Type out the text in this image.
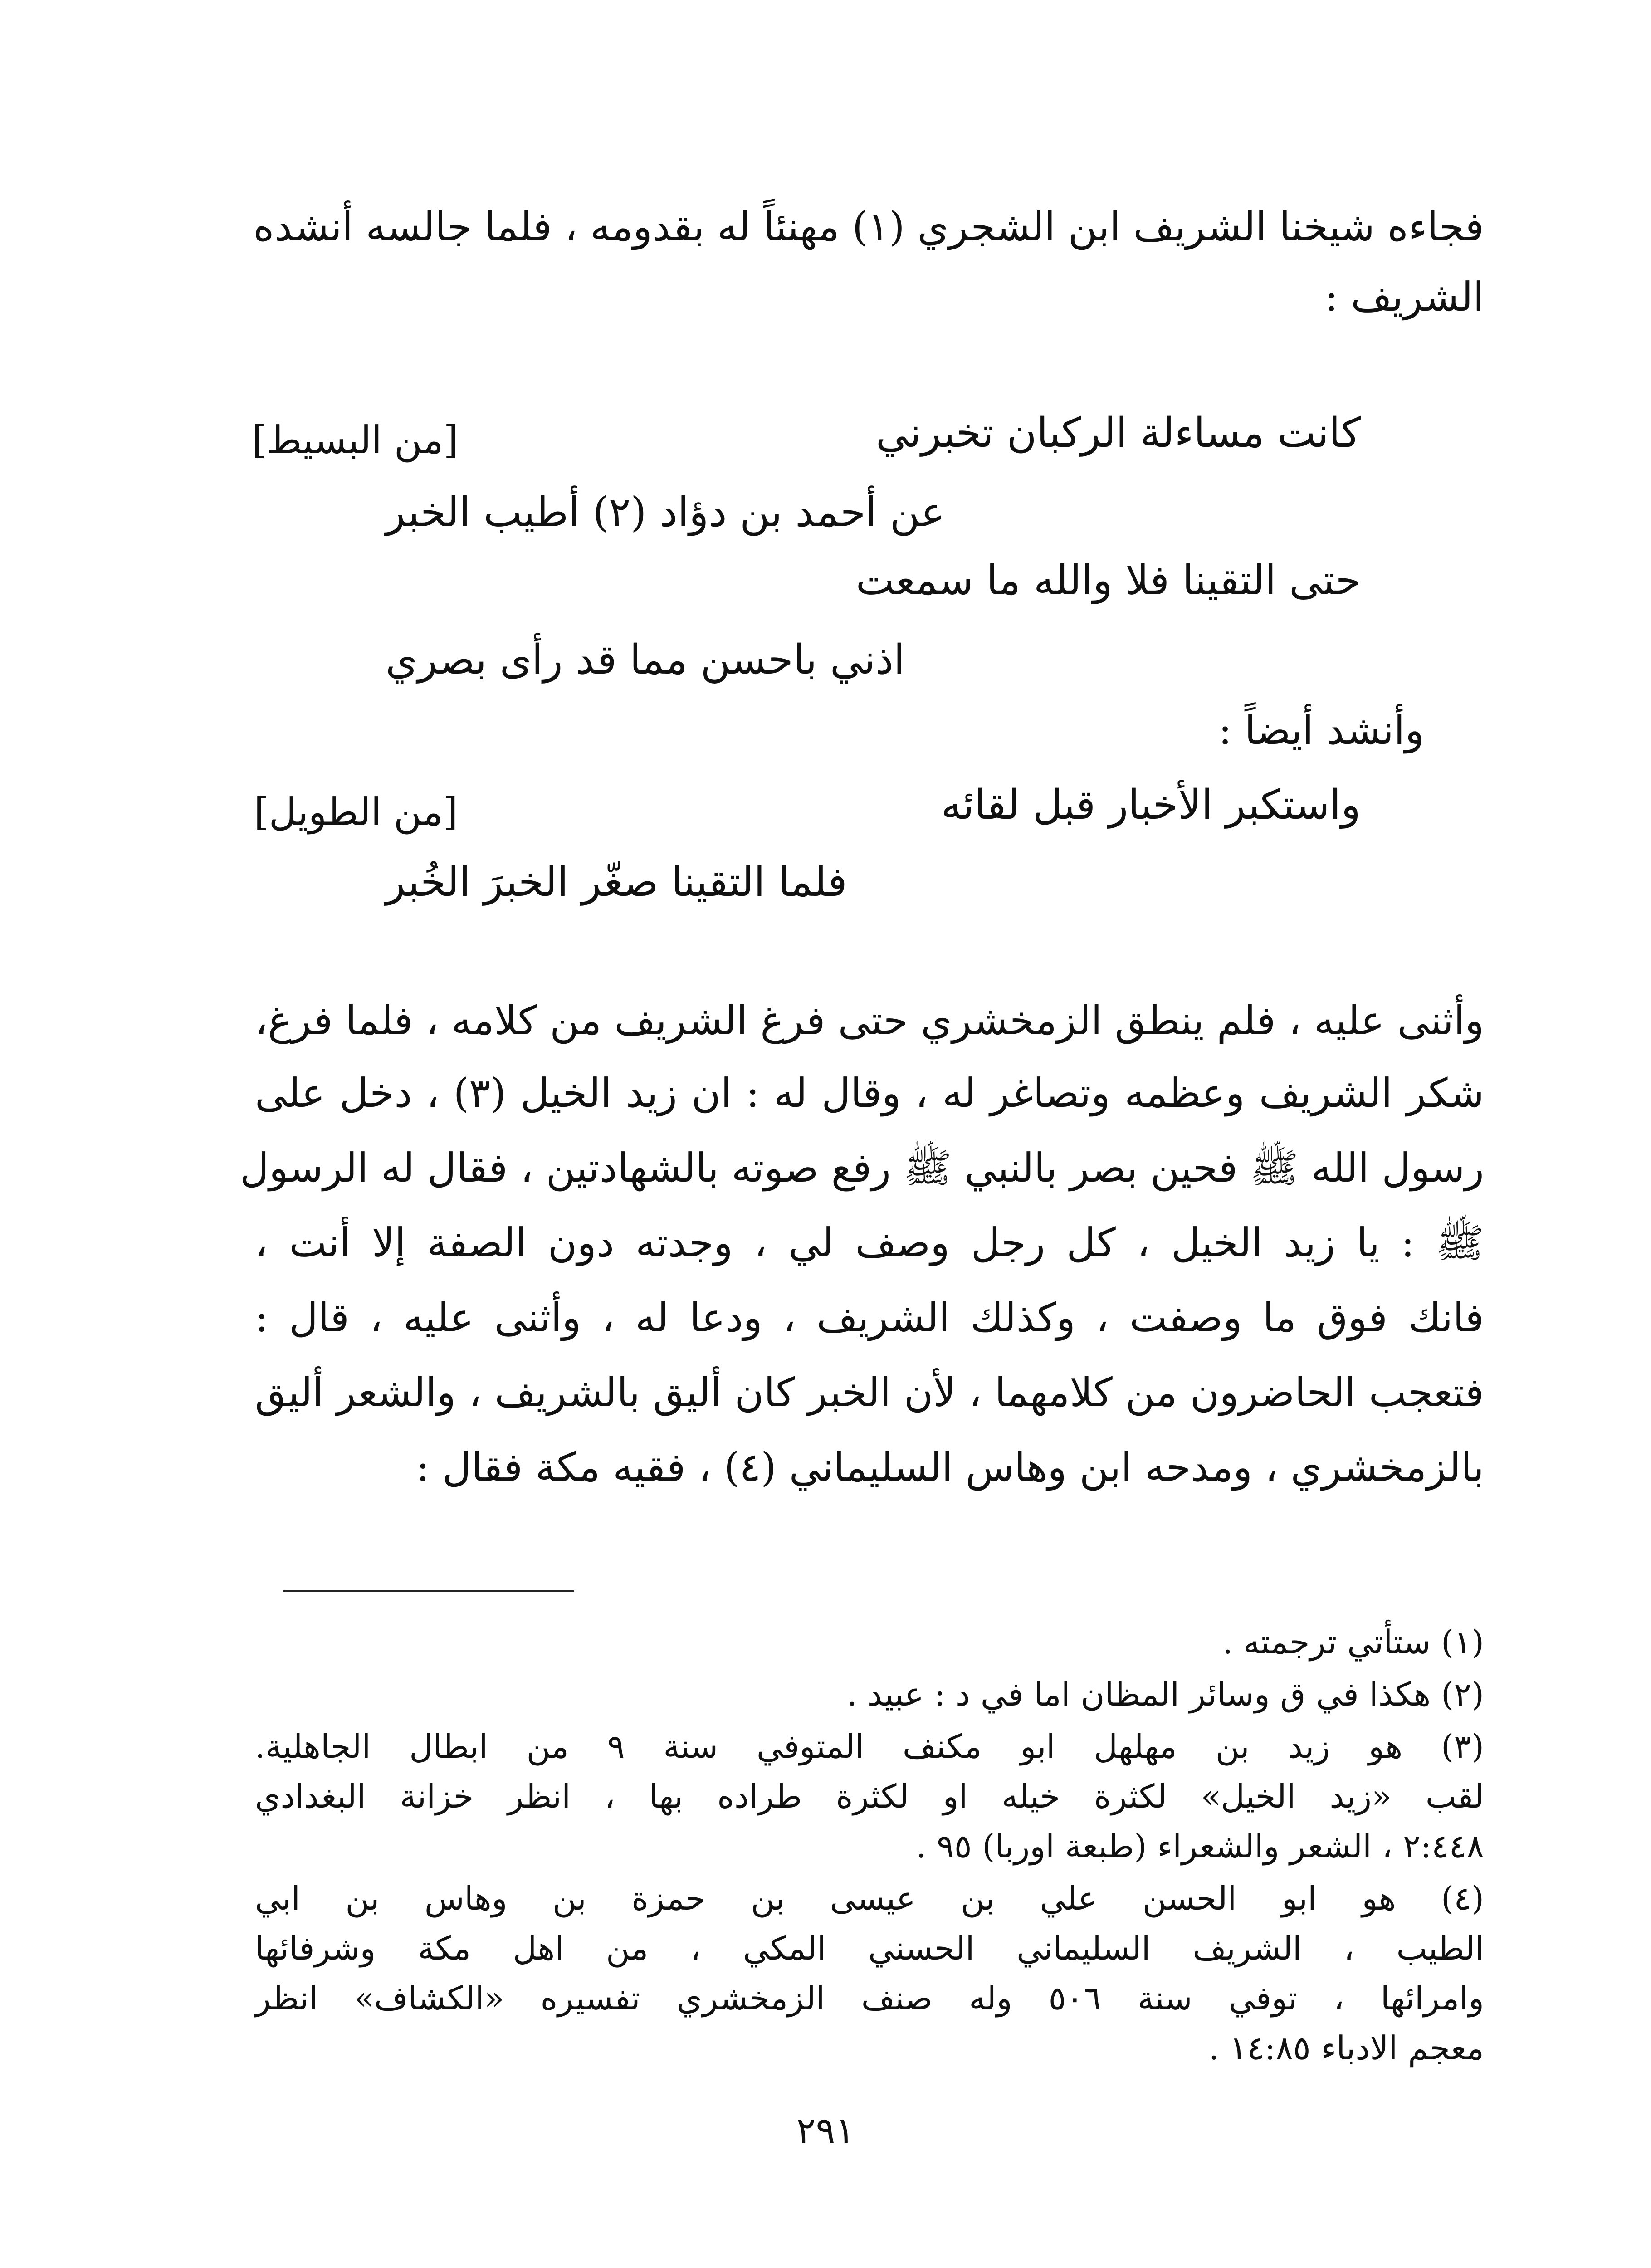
فجاءه شيخنا الشريف ابن الشجري (١) مهنئاً له بقدومه ، فلما جالسه أنشده
الشريف :
[من البسيط]	كانت مساءلة الركبان تخبرني
عن أحمد بن دؤاد (٢) أطيب الخبر
حتى التقينا فلا والله ما سمعت
اذني باحسن مما قد رأى بصري
وأنشد أيضاً :
[من الطويل]	واستكبر الأخبار قبل لقائه
فلما التقينا صغّر الخبرَ الخُبر
وأثنى عليه ، فلم ينطق الزمخشري حتى فرغ الشريف من كلامه ، فلما فرغ،
شكر الشريف وعظمه وتصاغر له ، وقال له : ان زيد الخيل (٣) ، دخل على
رسول الله ﷺ فحين بصر بالنبي ﷺ رفع صوته بالشهادتين ، فقال له الرسول
ﷺ : يا زيد الخيل ، كل رجل وصف لي ، وجدته دون الصفة إلا أنت ،
فانك فوق ما وصفت ، وكذلك الشريف ، ودعا له ، وأثنى عليه ، قال :
فتعجب الحاضرون من كلامهما ، لأن الخبر كان أليق بالشريف ، والشعر أليق
بالزمخشري ، ومدحه ابن وهاس السليماني (٤) ، فقيه مكة فقال :
(١) ستأتي ترجمته .
(٢) هكذا في ق وسائر المظان اما في د : عبيد .
(٣) هو زيد بن مهلهل ابو مكنف المتوفي سنة ٩ من ابطال الجاهلية.
لقب «زيد الخيل» لكثرة خيله او لكثرة طراده بها ، انظر خزانة البغدادي
٢:٤٤٨ ، الشعر والشعراء (طبعة اوربا) ٩٥ .
(٤) هو ابو الحسن علي بن عيسى بن حمزة بن وهاس بن ابي
الطيب ، الشريف السليماني الحسني المكي ، من اهل مكة وشرفائها
وامرائها ، توفي سنة ٥٠٦ وله صنف الزمخشري تفسيره «الكشاف» انظر
معجم الادباء ١٤:٨٥ .
٢٩١
